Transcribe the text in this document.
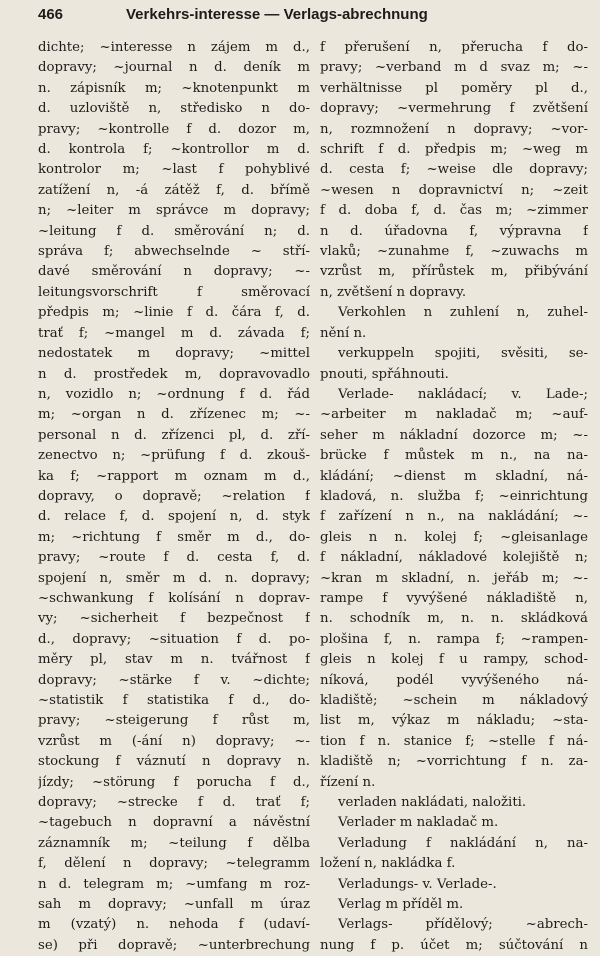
466	Verkehrs-interesse — Verlags-abrechnung
dichte; ~interesse n zájem m d.,
dopravy; ~journal n d. deník m
n. zápisník m; ~knotenpunkt m
d. uzloviště n, středisko n do-
pravy; ~kontrolle f d. dozor m,
d. kontrola f; ~kontrollor m d.
kontrolor m; ~last f pohyblivé
zatížení n, -á zátěž f, d. břímě
n; ~leiter m správce m dopravy;
~leitung f d. směrování n; d.
správa f; abwechselnde ~ stří-
davé směrování n dopravy; ~-
leitungsvorschrift f směrovací
předpis m; ~linie f d. čára f, d.
trať f; ~mangel m d. závada f;
nedostatek m dopravy; ~mittel
n d. prostředek m, dopravovadlo
n, vozidlo n; ~ordnung f d. řád
m; ~organ n d. zřízenec m; ~-
personal n d. zřízenci pl, d. zří-
zenectvo n; ~prüfung f d. zkouš-
ka f; ~rapport m oznam m d.,
dopravy, o dopravě; ~relation f
d. relace f, d. spojení n, d. styk
m; ~richtung f směr m d., do-
pravy; ~route f d. cesta f, d.
spojení n, směr m d. n. dopravy;
~schwankung f kolísání n doprav-
vy; ~sicherheit f bezpečnost f
d., dopravy; ~situation f d. po-
měry pl, stav m n. tvářnost f
dopravy; ~stärke f v. ~dichte;
~statistik f statistika f d., do-
pravy; ~steigerung f růst m,
vzrůst m (-ání n) dopravy; ~-
stockung f váznutí n dopravy n.
jízdy; ~störung f porucha f d.,
dopravy; ~strecke f d. trať f;
~tagebuch n dopravní a návěstní
záznamník m; ~teilung f dělba
f, dělení n dopravy; ~telegramm
n d. telegram m; ~umfang m roz-
sah m dopravy; ~unfall m úraz
m (vzatý) n. nehoda f (udaví-
se) při dopravě; ~unterbrechung
f přerušení n, přerucha f do-
pravy; ~verband m d svaz m; ~-
verhältnisse pl poměry pl d.,
dopravy; ~vermehrung f zvětšení
n, rozmnožení n dopravy; ~vor-
schrift f d. předpis m; ~weg m
d. cesta f; ~weise dle dopravy;
~wesen n dopravnictví n; ~zeit
f d. doba f, d. čas m; ~zimmer
n d. úřadovna f, výpravna f
vlaků; ~zunahme f, ~zuwachs m
vzrůst m, přírůstek m, přibývání
n, zvětšení n dopravy.
Verkohlen n zuhlení n, zuhel-
nění n.
verkuppeln spojiti, svěsiti, se-
pnouti, spřáhnouti.
Verlade- nakládací; v. Lade-;
~arbeiter m nakladač m; ~auf-
seher m nákladní dozorce m; ~-
brücke f můstek m n., na na-
kládání; ~dienst m skladní, ná-
kladová, n. služba f; ~einrichtung
f zařízení n n., na nakládání; ~-
gleis n n. kolej f; ~gleisanlage
f nákladní, nákladové kolejiště n;
~kran m skladní, n. jeřáb m; ~-
rampe f vyvýšené nákladiště n,
n. schodník m, n. n. skládková
plošina f, n. rampa f; ~rampen-
gleis n kolej f u rampy, schod-
níková, podél vyvýšeného ná-
kladiště; ~schein m nákladový
list m, výkaz m nákladu; ~sta-
tion f n. stanice f; ~stelle f ná-
kladiště n; ~vorrichtung f n. za-
řízení n.
verladen nakládati, naložiti.
Verlader m nakladač m.
Verladung f nakládání n, na-
ložení n, nakládka f.
Verladungs- v. Verlade-.
Verlag m příděl m.
Verlags- přídělový; ~abrech-
nung f p. účet m; súčtování n
